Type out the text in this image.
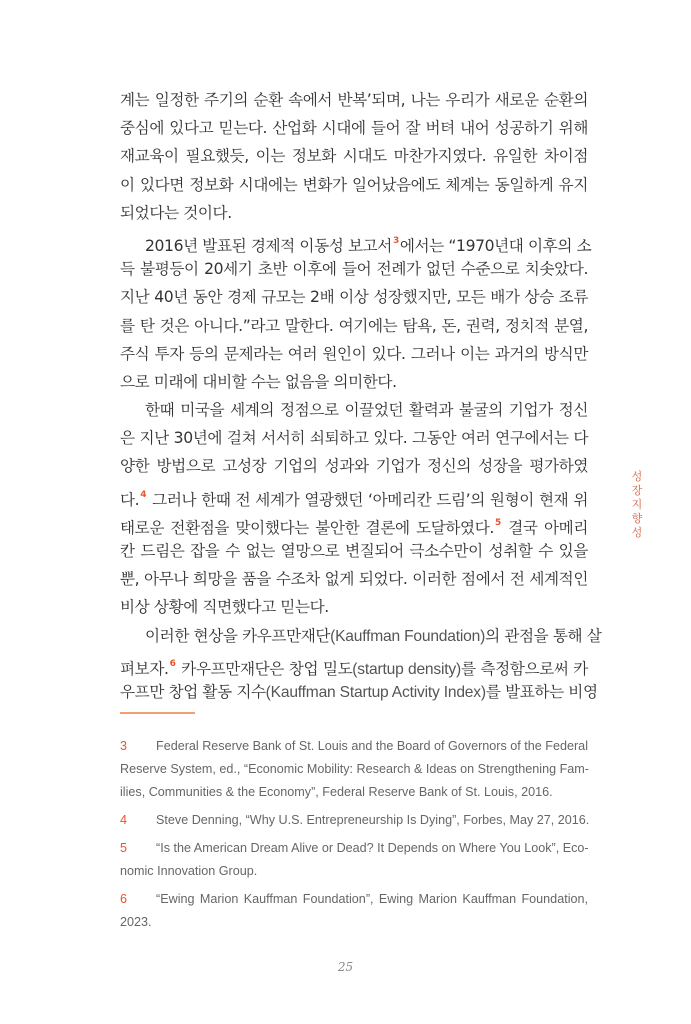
계는 일정한 주기의 순환 속에서 반복’되며, 나는 우리가 새로운 순환의
중심에 있다고 믿는다. 산업화 시대에 들어 잘 버텨 내어 성공하기 위해
재교육이 필요했듯, 이는 정보화 시대도 마찬가지였다. 유일한 차이점
이 있다면 정보화 시대에는 변화가 일어났음에도 체계는 동일하게 유지
되었다는 것이다.
2016년 발표된 경제적 이동성 보고서$^3$에서는 “1970년대 이후의 소
득 불평등이 20세기 초반 이후에 들어 전례가 없던 수준으로 치솟았다.
지난 40년 동안 경제 규모는 2배 이상 성장했지만, 모든 배가 상승 조류
를 탄 것은 아니다.”라고 말한다. 여기에는 탐욕, 돈, 권력, 정치적 분열,
주식 투자 등의 문제라는 여러 원인이 있다. 그러나 이는 과거의 방식만
으로 미래에 대비할 수는 없음을 의미한다.
한때 미국을 세계의 정점으로 이끌었던 활력과 불굴의 기업가 정신
은 지난 30년에 걸쳐 서서히 쇠퇴하고 있다. 그동안 여러 연구에서는 다
양한 방법으로 고성장 기업의 성과와 기업가 정신의 성장을 평가하였
다.$^4$ 그러나 한때 전 세계가 열광했던 ‘아메리칸 드림’의 원형이 현재 위
태로운 전환점을 맞이했다는 불안한 결론에 도달하였다.$^5$ 결국 아메리
칸 드림은 잡을 수 없는 열망으로 변질되어 극소수만이 성취할 수 있을
뿐, 아무나 희망을 품을 수조차 없게 되었다. 이러한 점에서 전 세계적인
비상 상황에 직면했다고 믿는다.
이러한 현상을 카우프만재단(Kauffman Foundation)의 관점을 통해 살
펴보자.$^6$ 카우프만재단은 창업 밀도(startup density)를 측정함으로써 카
우프만 창업 활동 지수(Kauffman Startup Activity Index)를 발표하는 비영
3 Federal Reserve Bank of St. Louis and the Board of Governors of the Federal
Reserve System, ed., “Economic Mobility: Research & Ideas on Strengthening Fam-
ilies, Communities & the Economy”, Federal Reserve Bank of St. Louis, 2016.
4 Steve Denning, “Why U.S. Entrepreneurship Is Dying”, Forbes, May 27, 2016.
5 “Is the American Dream Alive or Dead? It Depends on Where You Look”, Eco-
nomic Innovation Group.
6 “Ewing Marion Kauffman Foundation”, Ewing Marion Kauffman Foundation,
2023.
성
장
지
향
성
25
